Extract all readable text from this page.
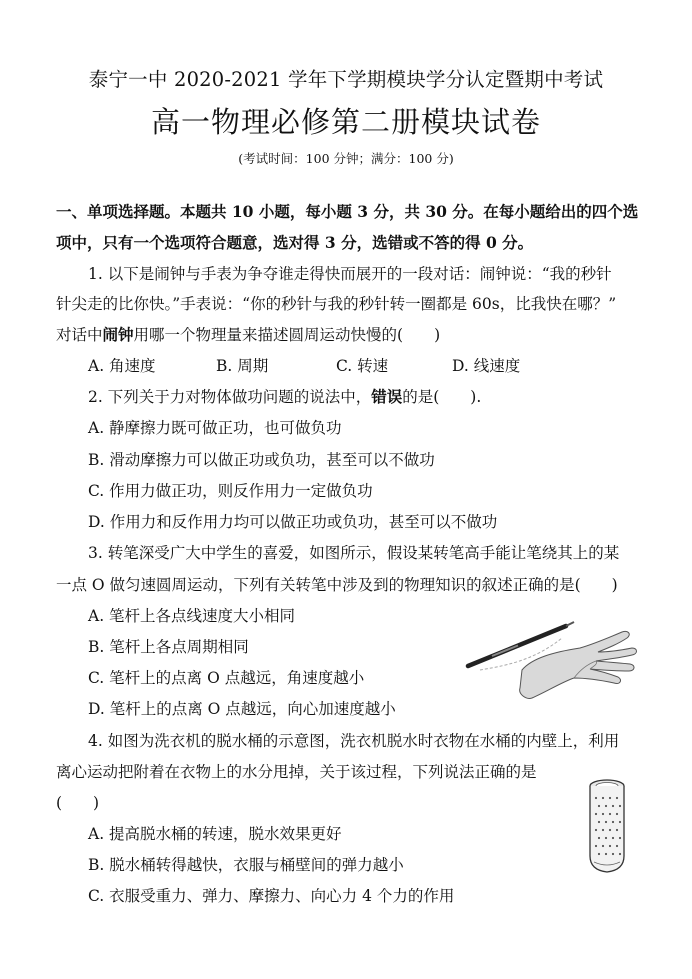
泰宁一中 2020-2021 学年下学期模块学分认定暨期中考试
高一物理必修第二册模块试卷
(考试时间：100 分钟；满分：100 分)
一、单项选择题。本题共 10 小题，每小题 3 分，共 30 分。在每小题给出的四个选
项中，只有一个选项符合题意，选对得 3 分，选错或不答的得 0 分。
1. 以下是闹钟与手表为争夺谁走得快而展开的一段对话：闹钟说：“我的秒针
针尖走的比你快。”手表说：“你的秒针与我的秒针转一圈都是 60s，比我快在哪？”
对话中闹钟用哪一个物理量来描述圆周运动快慢的(　　)
A. 角速度	B. 周期	C. 转速	D. 线速度
2. 下列关于力对物体做功问题的说法中，错误的是(　　).
A. 静摩擦力既可做正功，也可做负功
B. 滑动摩擦力可以做正功或负功，甚至可以不做功
C. 作用力做正功，则反作用力一定做负功
D. 作用力和反作用力均可以做正功或负功，甚至可以不做功
3. 转笔深受广大中学生的喜爱，如图所示，假设某转笔高手能让笔绕其上的某
一点 O 做匀速圆周运动，下列有关转笔中涉及到的物理知识的叙述正确的是(　　)
A. 笔杆上各点线速度大小相同
B. 笔杆上各点周期相同
C. 笔杆上的点离 O 点越远，角速度越小
D. 笔杆上的点离 O 点越远，向心加速度越小
4. 如图为洗衣机的脱水桶的示意图，洗衣机脱水时衣物在水桶的内壁上，利用
离心运动把附着在衣物上的水分甩掉，关于该过程，下列说法正确的是
(　　)
A. 提高脱水桶的转速，脱水效果更好
B. 脱水桶转得越快，衣服与桶壁间的弹力越小
C. 衣服受重力、弹力、摩擦力、向心力 4 个力的作用
